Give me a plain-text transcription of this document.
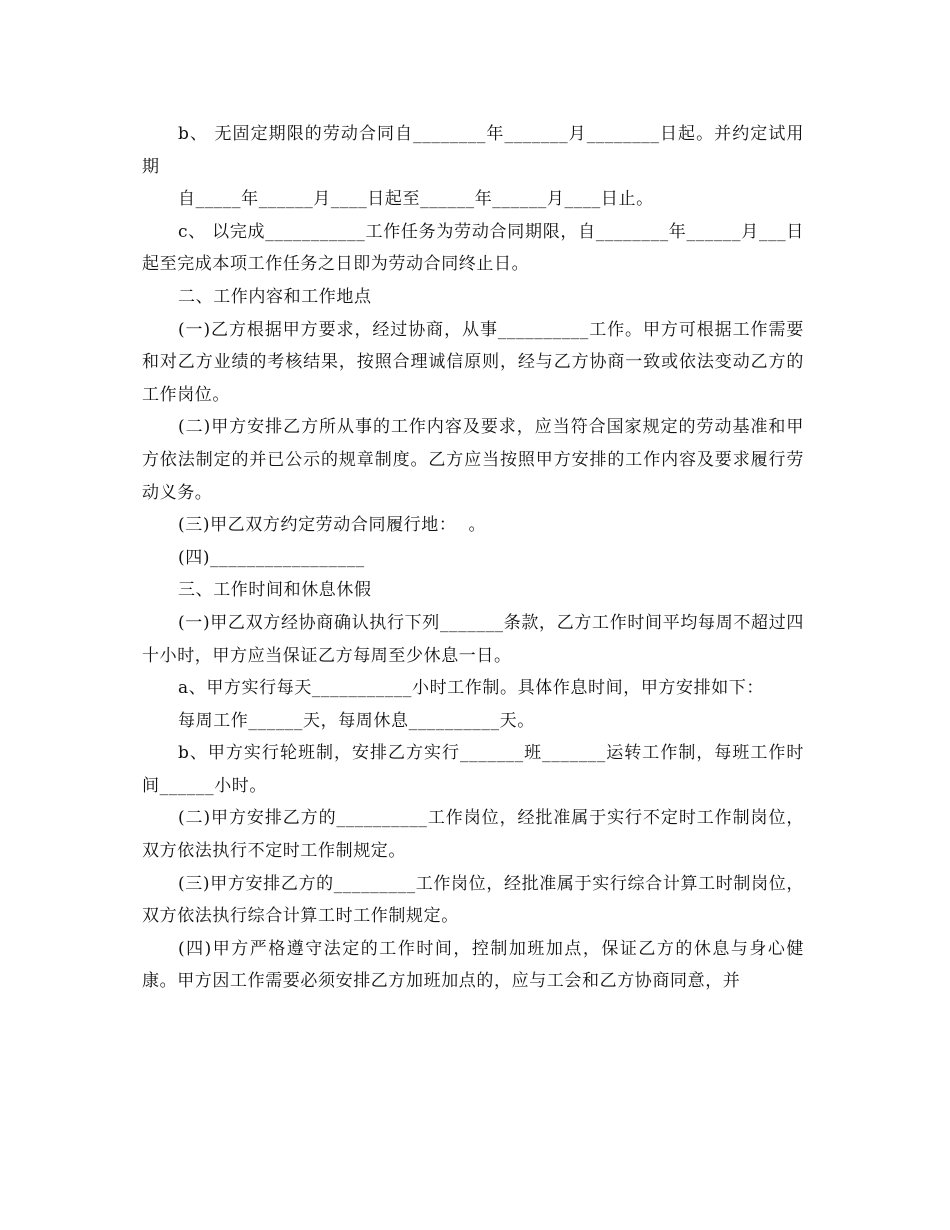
b、 无固定期限的劳动合同自________年_______月________日起。并约定试用期

自_____年______月____日起至______年______月____日止。

c、 以完成___________工作任务为劳动合同期限，自________年______月___日起至完成本项工作任务之日即为劳动合同终止日。

二、工作内容和工作地点

(一)乙方根据甲方要求，经过协商，从事__________工作。甲方可根据工作需要和对乙方业绩的考核结果，按照合理诚信原则，经与乙方协商一致或依法变动乙方的工作岗位。

(二)甲方安排乙方所从事的工作内容及要求，应当符合国家规定的劳动基准和甲方依法制定的并已公示的规章制度。乙方应当按照甲方安排的工作内容及要求履行劳动义务。

(三)甲乙双方约定劳动合同履行地：  。

(四)_________________

三、工作时间和休息休假

(一)甲乙双方经协商确认执行下列_______条款，乙方工作时间平均每周不超过四十小时，甲方应当保证乙方每周至少休息一日。

a、甲方实行每天___________小时工作制。具体作息时间，甲方安排如下：

每周工作______天，每周休息__________天。

b、甲方实行轮班制，安排乙方实行_______班_______运转工作制，每班工作时间______小时。

(二)甲方安排乙方的__________工作岗位，经批准属于实行不定时工作制岗位，双方依法执行不定时工作制规定。

(三)甲方安排乙方的_________工作岗位，经批准属于实行综合计算工时制岗位，双方依法执行综合计算工时工作制规定。

(四)甲方严格遵守法定的工作时间，控制加班加点，保证乙方的休息与身心健康。甲方因工作需要必须安排乙方加班加点的，应与工会和乙方协商同意，并
